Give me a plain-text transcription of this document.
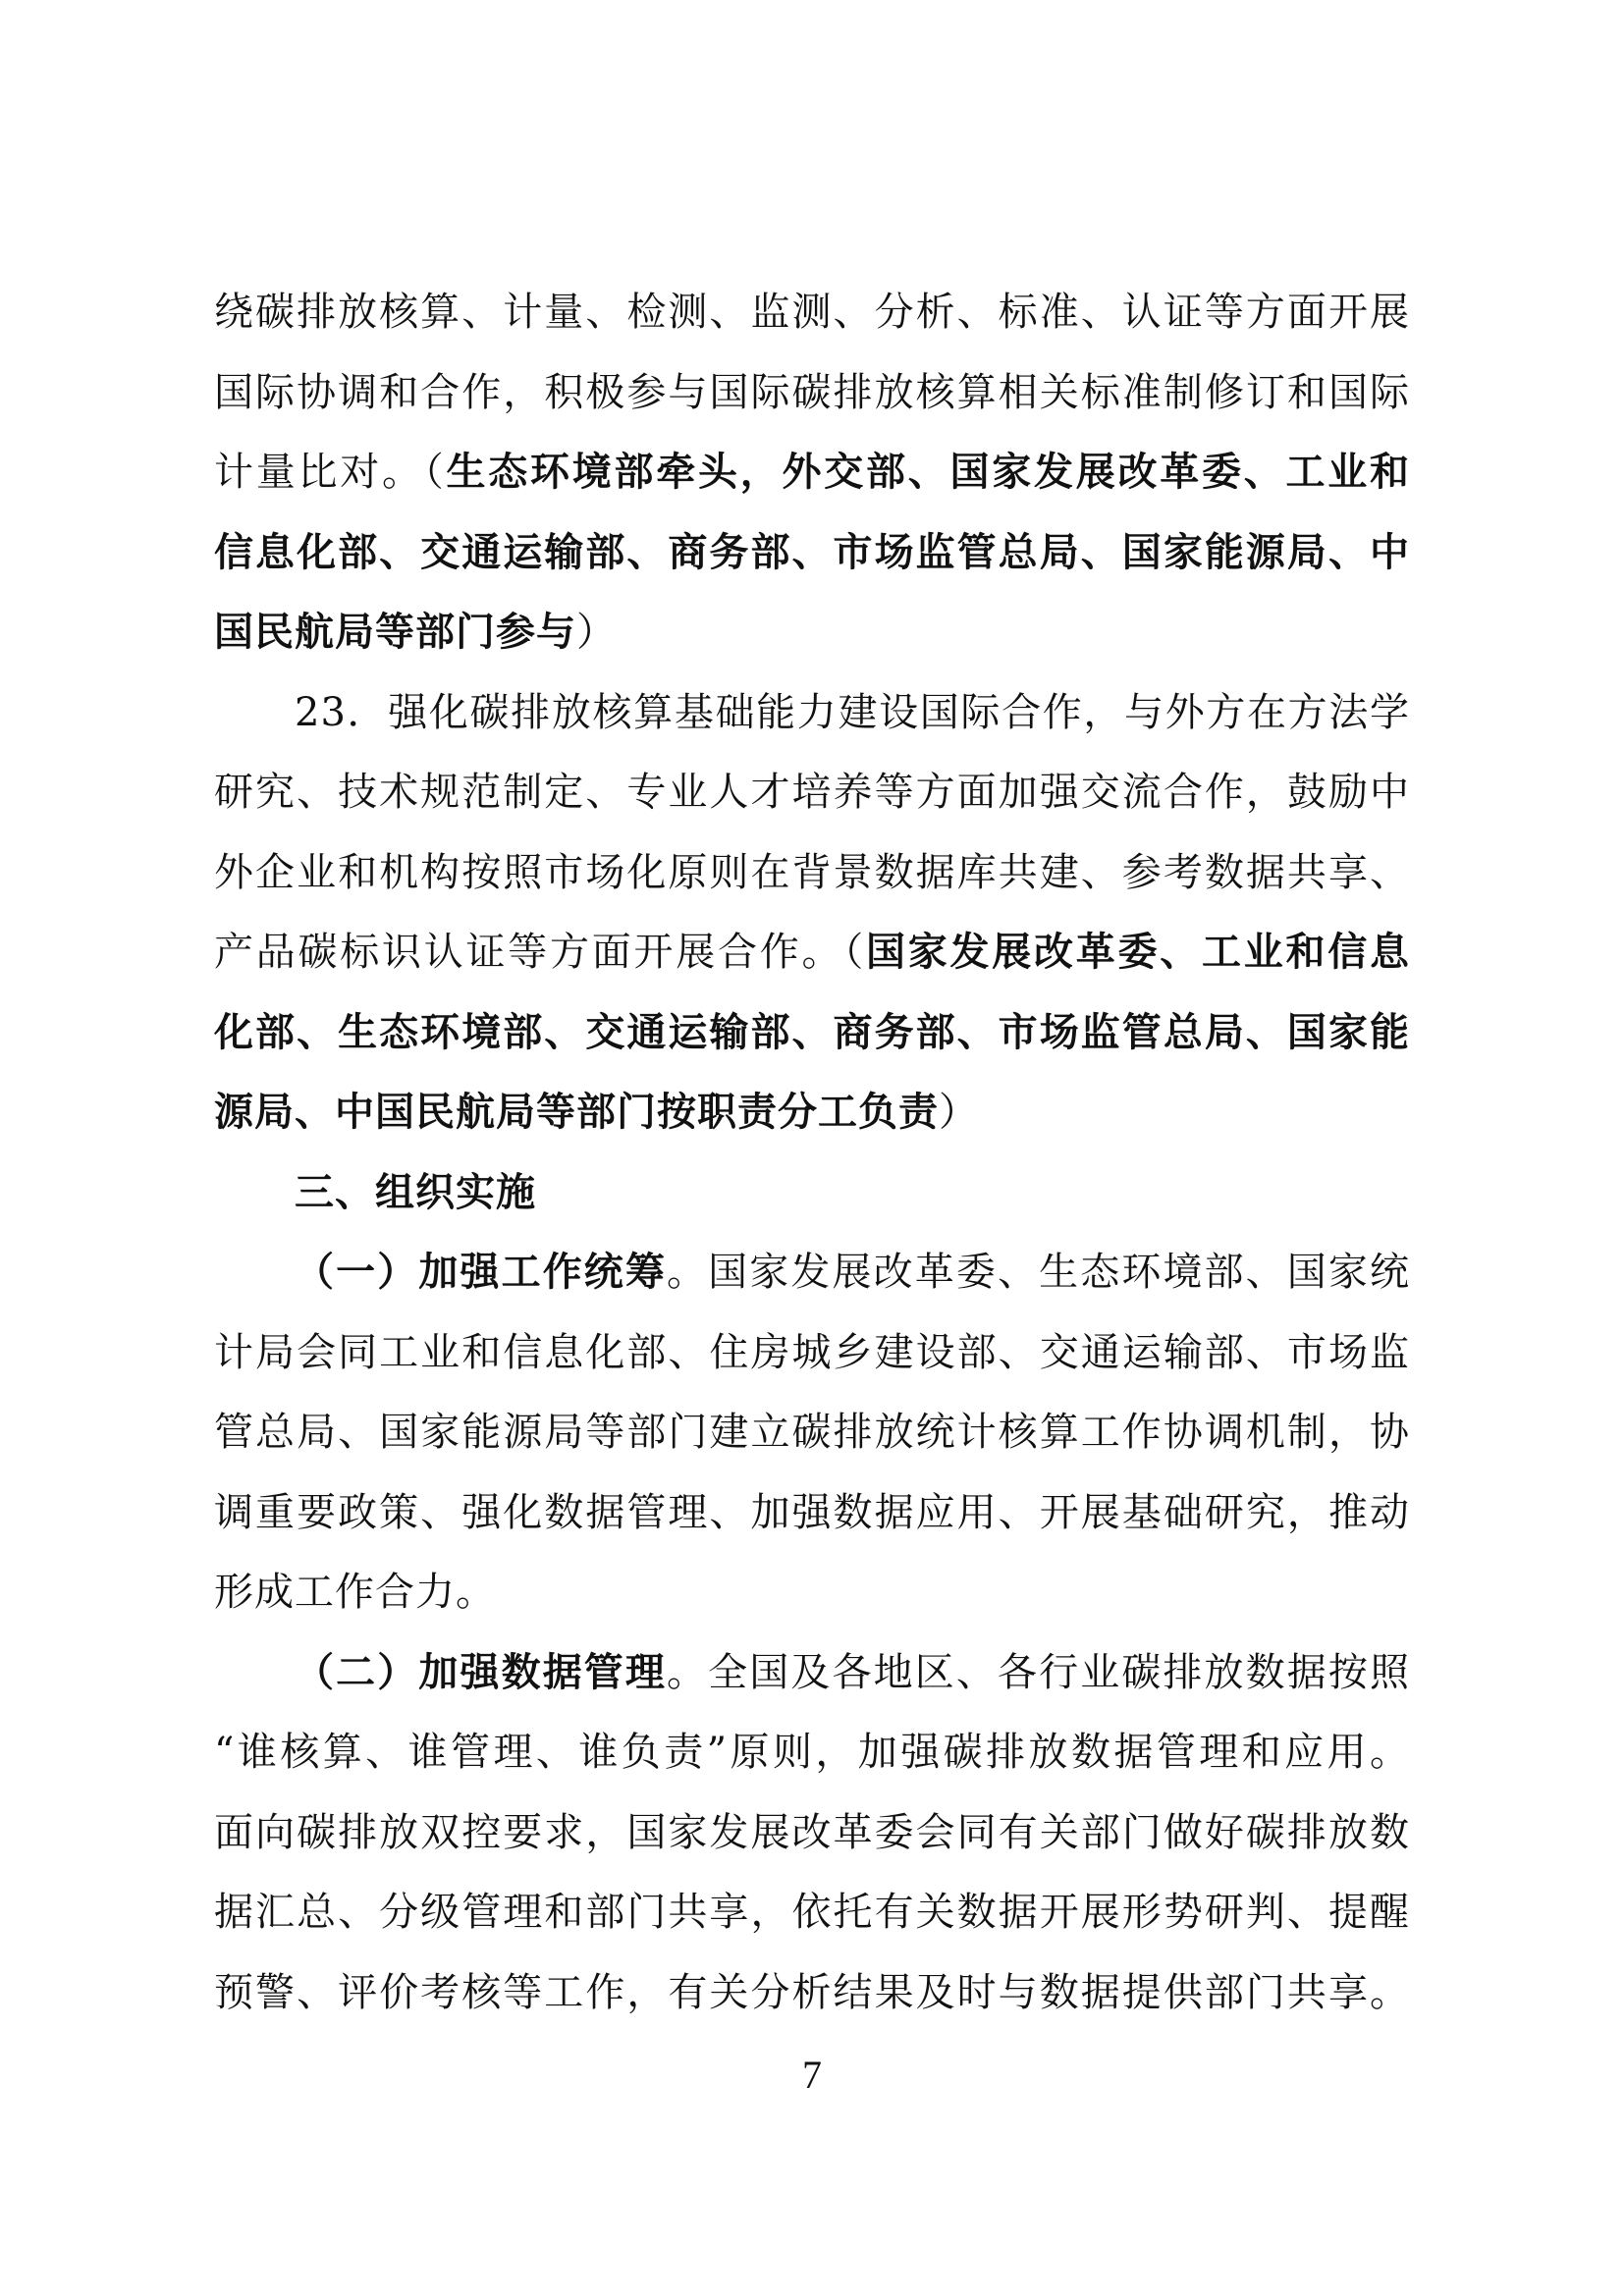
绕碳排放核算、计量、检测、监测、分析、标准、认证等方面开展
国际协调和合作，积极参与国际碳排放核算相关标准制修订和国际
计量比对。（生态环境部牵头，外交部、国家发展改革委、工业和
信息化部、交通运输部、商务部、市场监管总局、国家能源局、中
国民航局等部门参与）
23．强化碳排放核算基础能力建设国际合作，与外方在方法学
研究、技术规范制定、专业人才培养等方面加强交流合作，鼓励中
外企业和机构按照市场化原则在背景数据库共建、参考数据共享、
产品碳标识认证等方面开展合作。（国家发展改革委、工业和信息
化部、生态环境部、交通运输部、商务部、市场监管总局、国家能
源局、中国民航局等部门按职责分工负责）
三、组织实施
（一）加强工作统筹。国家发展改革委、生态环境部、国家统
计局会同工业和信息化部、住房城乡建设部、交通运输部、市场监
管总局、国家能源局等部门建立碳排放统计核算工作协调机制，协
调重要政策、强化数据管理、加强数据应用、开展基础研究，推动
形成工作合力。
（二）加强数据管理。全国及各地区、各行业碳排放数据按照
“谁核算、谁管理、谁负责”原则，加强碳排放数据管理和应用。
面向碳排放双控要求，国家发展改革委会同有关部门做好碳排放数
据汇总、分级管理和部门共享，依托有关数据开展形势研判、提醒
预警、评价考核等工作，有关分析结果及时与数据提供部门共享。
7
